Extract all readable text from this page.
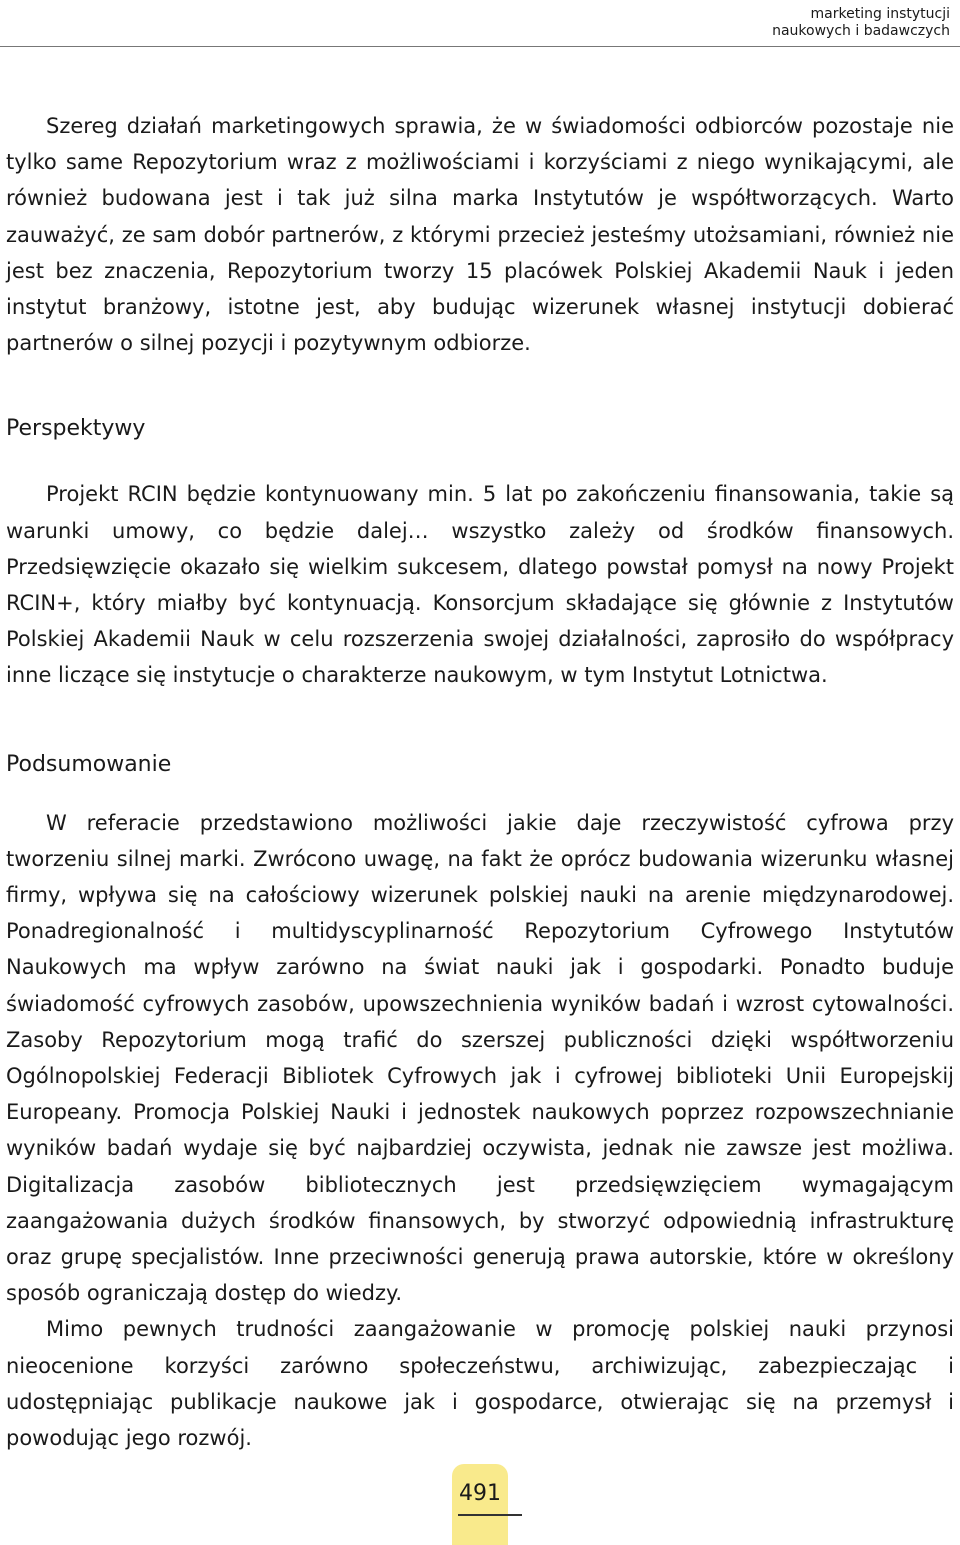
marketing instytucji
naukowych i badawczych

Szereg działań marketingowych sprawia, że w świadomości odbiorców pozostaje nie tylko same Repozytorium wraz z możliwościami i korzyściami z niego wynikającymi, ale również budowana jest i tak już silna marka Instytutów je współtworzących. Warto zauważyć, ze sam dobór partnerów, z którymi przecież jesteśmy utożsamiani, również nie jest bez znaczenia, Repozytorium tworzy 15 placówek Polskiej Akademii Nauk i jeden instytut branżowy, istotne jest, aby budując wizerunek własnej instytucji dobierać partnerów o silnej pozycji i pozytywnym odbiorze.

Perspektywy

Projekt RCIN będzie kontynuowany min. 5 lat po zakończeniu finansowania, takie są warunki umowy, co będzie dalej… wszystko zależy od środków finansowych. Przedsięwzięcie okazało się wielkim sukcesem, dlatego powstał pomysł na nowy Projekt RCIN+, który miałby być kontynuacją. Konsorcjum składające się głównie z Instytutów Polskiej Akademii Nauk w celu rozszerzenia swojej działalności, zaprosiło do współpracy inne liczące się instytucje o charakterze naukowym, w tym Instytut Lotnictwa.

Podsumowanie

W referacie przedstawiono możliwości jakie daje rzeczywistość cyfrowa przy tworzeniu silnej marki. Zwrócono uwagę, na fakt że oprócz budowania wizerunku własnej firmy, wpływa się na całościowy wizerunek polskiej nauki na arenie międzynarodowej. Ponadregionalność i multidyscyplinarność Repozytorium Cyfrowego Instytutów Naukowych ma wpływ zarówno na świat nauki jak i gospodarki. Ponadto buduje świadomość cyfrowych zasobów, upowszechnienia wyników badań i wzrost cytowalności. Zasoby Repozytorium mogą trafić do szerszej publiczności dzięki współtworzeniu Ogólnopolskiej Federacji Bibliotek Cyfrowych jak i cyfrowej biblioteki Unii Europejskij Europeany. Promocja Polskiej Nauki i jednostek naukowych poprzez rozpowszechnianie wyników badań wydaje się być najbardziej oczywista, jednak nie zawsze jest możliwa. Digitalizacja zasobów bibliotecznych jest przedsięwzięciem wymagającym zaangażowania dużych środków finansowych, by stworzyć odpowiednią infrastrukturę oraz grupę specjalistów. Inne przeciwności generują prawa autorskie, które w określony sposób ograniczają dostęp do wiedzy.

Mimo pewnych trudności zaangażowanie w promocję polskiej nauki przynosi nieocenione korzyści zarówno społeczeństwu, archiwizując, zabezpieczając i udostępniając publikacje naukowe jak i gospodarce, otwierając się na przemysł i powodując jego rozwój.

491
